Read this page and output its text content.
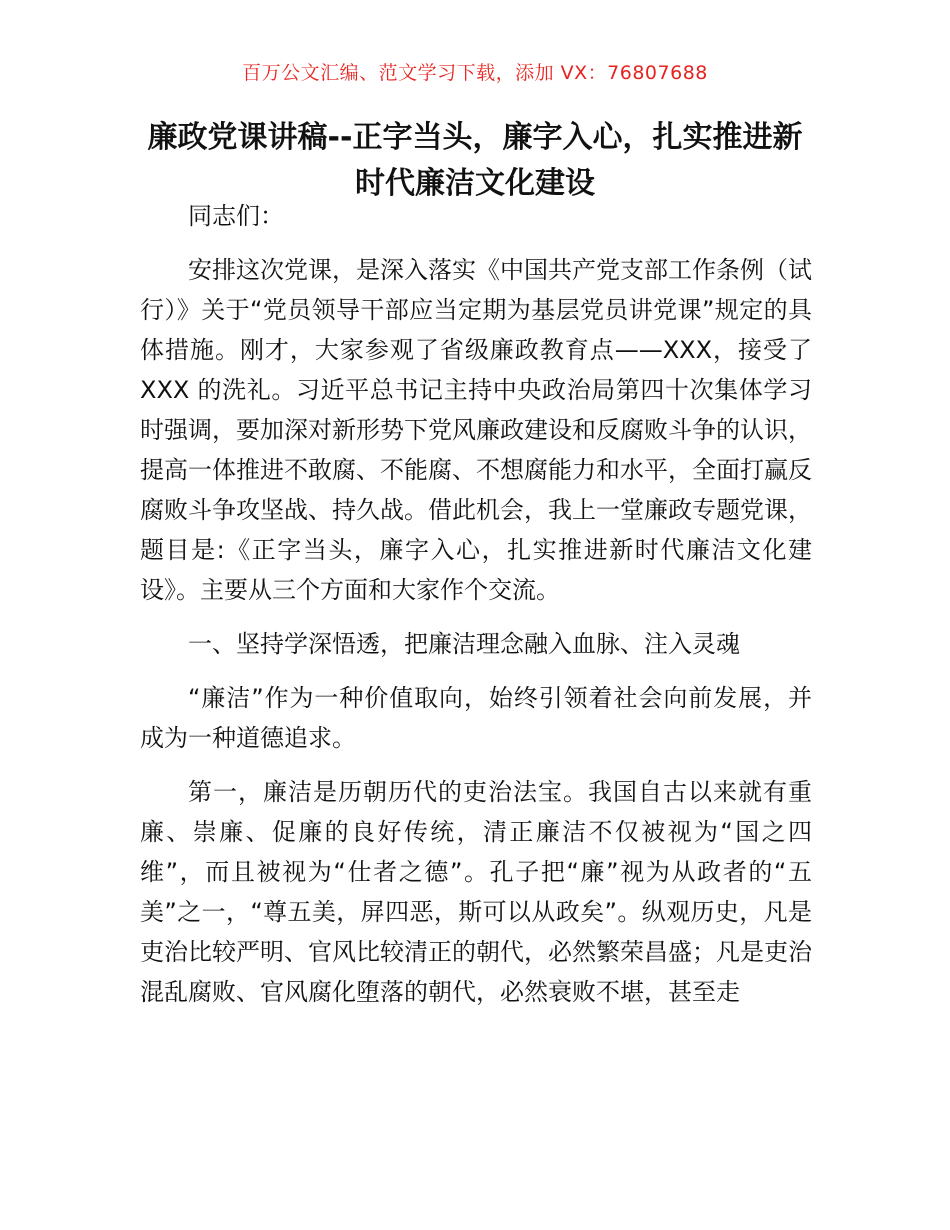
百万公文汇编、范文学习下载，添加 VX：76807688
廉政党课讲稿--正字当头，廉字入心，扎实推进新时代廉洁文化建设

同志们：

安排这次党课，是深入落实《中国共产党支部工作条例（试行）》关于“党员领导干部应当定期为基层党员讲党课”规定的具体措施。刚才，大家参观了省级廉政教育点——XXX，接受了 XXX 的洗礼。习近平总书记主持中央政治局第四十次集体学习时强调，要加深对新形势下党风廉政建设和反腐败斗争的认识，提高一体推进不敢腐、不能腐、不想腐能力和水平，全面打赢反腐败斗争攻坚战、持久战。借此机会，我上一堂廉政专题党课，题目是:《正字当头，廉字入心，扎实推进新时代廉洁文化建设》。主要从三个方面和大家作个交流。

一、坚持学深悟透，把廉洁理念融入血脉、注入灵魂

“廉洁”作为一种价值取向，始终引领着社会向前发展，并成为一种道德追求。

第一，廉洁是历朝历代的吏治法宝。我国自古以来就有重廉、崇廉、促廉的良好传统，清正廉洁不仅被视为“国之四维”，而且被视为“仕者之德”。孔子把“廉”视为从政者的“五美”之一，“尊五美，屏四恶，斯可以从政矣”。纵观历史，凡是吏治比较严明、官风比较清正的朝代，必然繁荣昌盛；凡是吏治混乱腐败、官风腐化堕落的朝代，必然衰败不堪，甚至走
